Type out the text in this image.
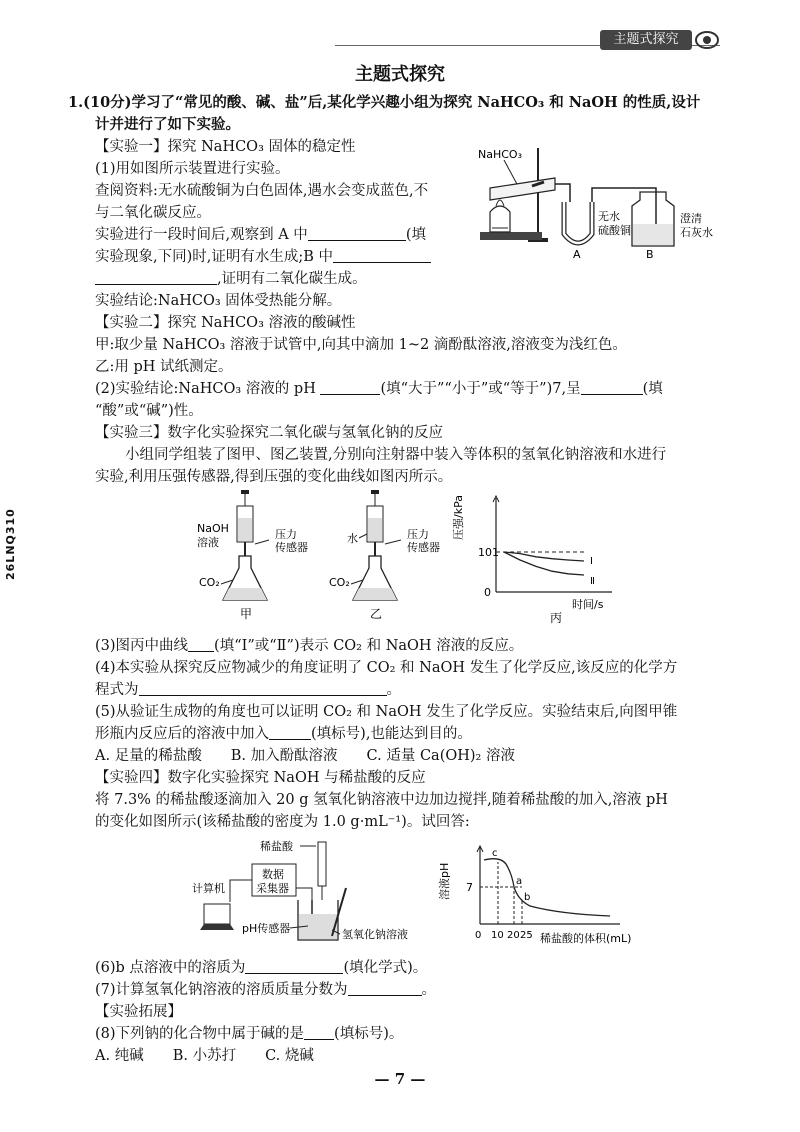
主题式探究
主题式探究
26LNQ310
1.(10分)学习了“常见的酸、碱、盐”后,某化学兴趣小组为探究 NaHCO₃ 和 NaOH 的性质,设计
计并进行了如下实验。
【实验一】探究 NaHCO₃ 固体的稳定性
(1)用如图所示装置进行实验。
查阅资料:无水硫酸铜为白色固体,遇水会变成蓝色,不
与二氧化碳反应。
实验进行一段时间后,观察到 A 中	(填
实验现象,下同)时,证明有水生成;B 中
,证明有二氧化碳生成。
实验结论:NaHCO₃ 固体受热能分解。
【实验二】探究 NaHCO₃ 溶液的酸碱性
甲:取少量 NaHCO₃ 溶液于试管中,向其中滴加 1~2 滴酚酞溶液,溶液变为浅红色。
乙:用 pH 试纸测定。
(2)实验结论:NaHCO₃ 溶液的 pH	(填“大于”“小于”或“等于”)7,呈	(填
“酸”或“碱”)性。
【实验三】数字化实验探究二氧化碳与氢氧化钠的反应
小组同学组装了图甲、图乙装置,分别向注射器中装入等体积的氢氧化钠溶液和水进行
实验,利用压强传感器,得到压强的变化曲线如图丙所示。
(3)图丙中曲线 (填“Ⅰ”或“Ⅱ”)表示 CO₂ 和 NaOH 溶液的反应。
(4)本实验从探究反应物减少的角度证明了 CO₂ 和 NaOH 发生了化学反应,该反应的化学方
程式为	。
(5)从验证生成物的角度也可以证明 CO₂ 和 NaOH 发生了化学反应。实验结束后,向图甲锥
形瓶内反应后的溶液中加入	(填标号),也能达到目的。
A. 足量的稀盐酸　　B. 加入酚酞溶液　　C. 适量 Ca(OH)₂ 溶液
【实验四】数字化实验探究 NaOH 与稀盐酸的反应
将 7.3% 的稀盐酸逐滴加入 20 g 氢氧化钠溶液中边加边搅拌,随着稀盐酸的加入,溶液 pH
的变化如图所示(该稀盐酸的密度为 1.0 g·mL⁻¹)。试回答:
(6)b 点溶液中的溶质为	(填化学式)。
(7)计算氢氧化钠溶液的溶质质量分数为	。
【实验拓展】
(8)下列钠的化合物中属于碱的是 (填标号)。
A. 纯碱　　B. 小苏打　　C. 烧碱
— 7 —
NaHCO₃
A
无水
硫酸铜
B
澄清
石灰水
NaOH
溶液
压力
传感器
CO₂
甲
水	压力
传感器
CO₂
乙
压强/kPa
101
0
Ⅰ
Ⅱ
时间/s
丙
稀盐酸
数据
采集器
计算机
pH传感器	氢氧化钠溶液
溶液pH 7
c
a
b
0 10 20 25 稀盐酸的体积(mL)
